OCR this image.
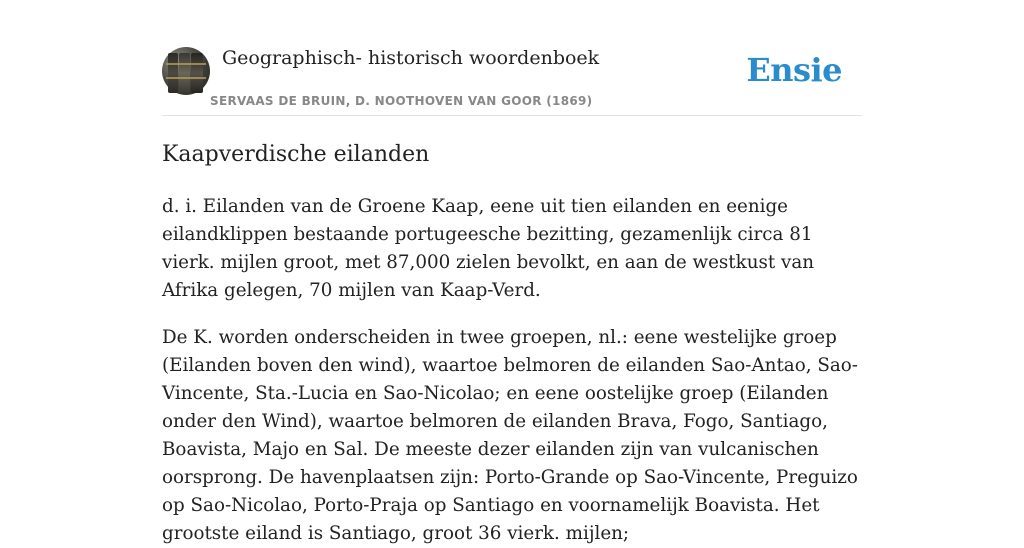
Geographisch- historisch woordenboek
SERVAAS DE BRUIN, D. NOOTHOVEN VAN GOOR (1869)
Ensie
Kaapverdische eilanden

d. i. Eilanden van de Groene Kaap, eene uit tien eilanden en eenige eilandklippen bestaande portugeesche bezitting, gezamenlijk circa 81 vierk. mijlen groot, met 87,000 zielen bevolkt, en aan de westkust van Afrika gelegen, 70 mijlen van Kaap-Verd.

De K. worden onderscheiden in twee groepen, nl.: eene westelijke groep (Eilanden boven den wind), waartoe belmoren de eilanden Sao-Antao, Sao-Vincente, Sta.-Lucia en Sao-Nicolao; en eene oostelijke groep (Eilanden onder den Wind), waartoe belmoren de eilanden Brava, Fogo, Santiago, Boavista, Majo en Sal. De meeste dezer eilanden zijn van vulcanischen oorsprong. De havenplaatsen zijn: Porto-Grande op Sao-Vincente, Preguizo op Sao-Nicolao, Porto-Praja op Santiago en voornamelijk Boavista. Het grootste eiland is Santiago, groot 36 vierk. mijlen;
